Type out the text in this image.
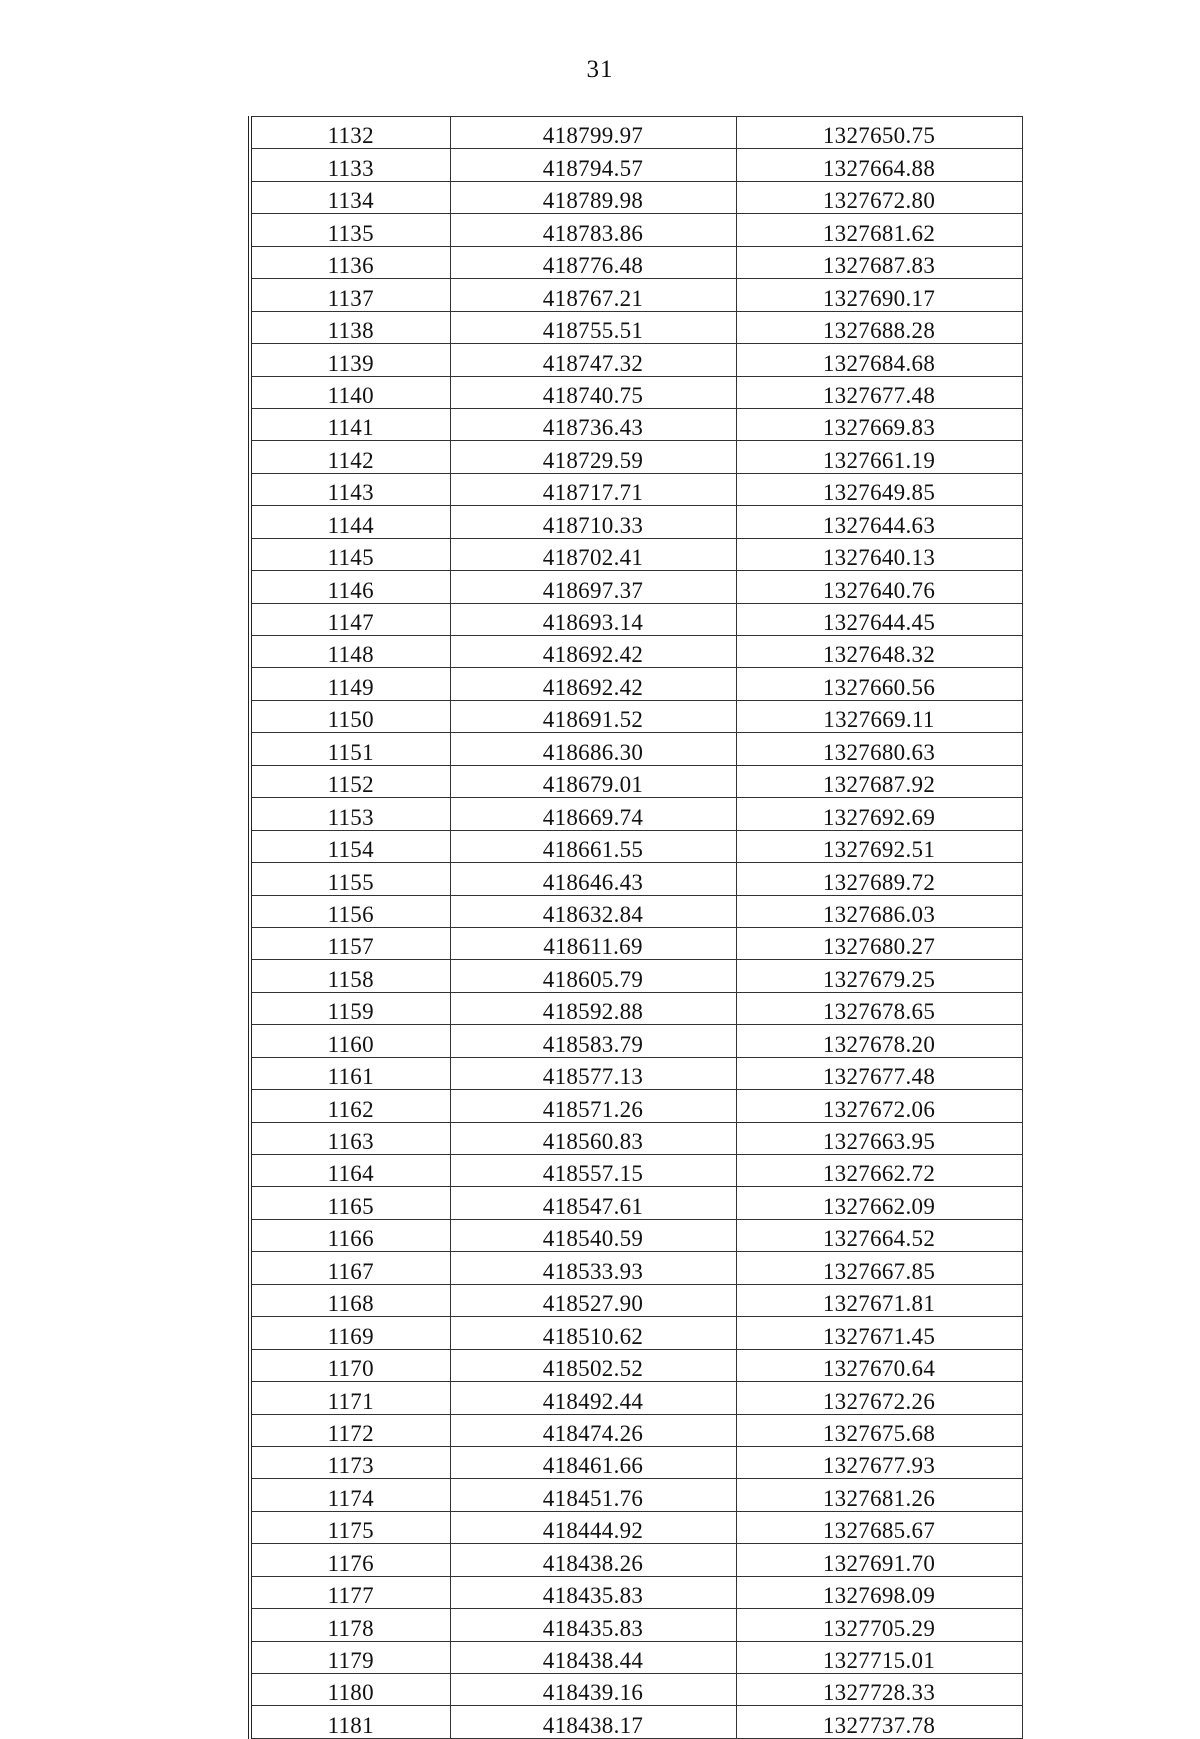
31
1132	418799.97	1327650.75
1133	418794.57	1327664.88
1134	418789.98	1327672.80
1135	418783.86	1327681.62
1136	418776.48	1327687.83
1137	418767.21	1327690.17
1138	418755.51	1327688.28
1139	418747.32	1327684.68
1140	418740.75	1327677.48
1141	418736.43	1327669.83
1142	418729.59	1327661.19
1143	418717.71	1327649.85
1144	418710.33	1327644.63
1145	418702.41	1327640.13
1146	418697.37	1327640.76
1147	418693.14	1327644.45
1148	418692.42	1327648.32
1149	418692.42	1327660.56
1150	418691.52	1327669.11
1151	418686.30	1327680.63
1152	418679.01	1327687.92
1153	418669.74	1327692.69
1154	418661.55	1327692.51
1155	418646.43	1327689.72
1156	418632.84	1327686.03
1157	418611.69	1327680.27
1158	418605.79	1327679.25
1159	418592.88	1327678.65
1160	418583.79	1327678.20
1161	418577.13	1327677.48
1162	418571.26	1327672.06
1163	418560.83	1327663.95
1164	418557.15	1327662.72
1165	418547.61	1327662.09
1166	418540.59	1327664.52
1167	418533.93	1327667.85
1168	418527.90	1327671.81
1169	418510.62	1327671.45
1170	418502.52	1327670.64
1171	418492.44	1327672.26
1172	418474.26	1327675.68
1173	418461.66	1327677.93
1174	418451.76	1327681.26
1175	418444.92	1327685.67
1176	418438.26	1327691.70
1177	418435.83	1327698.09
1178	418435.83	1327705.29
1179	418438.44	1327715.01
1180	418439.16	1327728.33
1181	418438.17	1327737.78
